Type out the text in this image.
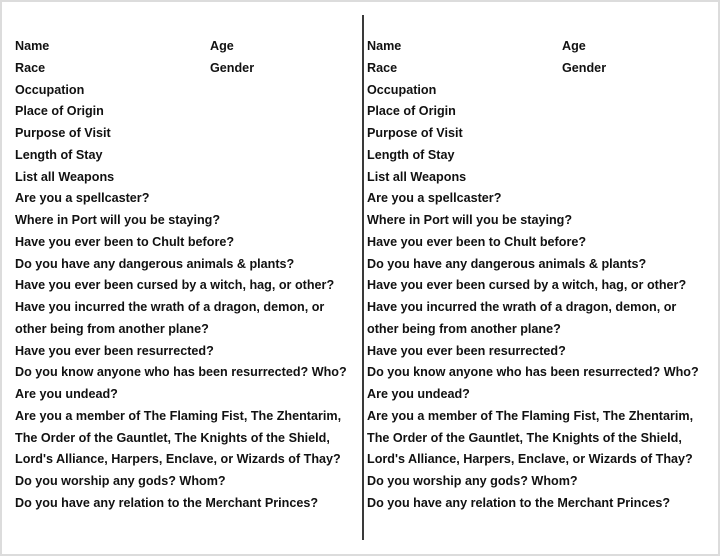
Name	Age
Race	Gender
Occupation
Place of Origin
Purpose of Visit
Length of Stay
List all Weapons
Are you a spellcaster?
Where in Port will you be staying?
Have you ever been to Chult before?
Do you have any dangerous animals & plants?
Have you ever been cursed by a witch, hag, or other?
Have you incurred the wrath of a dragon, demon, or
other being from another plane?
Have you ever been resurrected?
Do you know anyone who has been resurrected? Who?
Are you undead?
Are you a member of The Flaming Fist, The Zhentarim,
The Order of the Gauntlet, The Knights of the Shield,
Lord's Alliance, Harpers, Enclave, or Wizards of Thay?
Do you worship any gods? Whom?
Do you have any relation to the Merchant Princes?
Name	Age
Race	Gender
Occupation
Place of Origin
Purpose of Visit
Length of Stay
List all Weapons
Are you a spellcaster?
Where in Port will you be staying?
Have you ever been to Chult before?
Do you have any dangerous animals & plants?
Have you ever been cursed by a witch, hag, or other?
Have you incurred the wrath of a dragon, demon, or
other being from another plane?
Have you ever been resurrected?
Do you know anyone who has been resurrected? Who?
Are you undead?
Are you a member of The Flaming Fist, The Zhentarim,
The Order of the Gauntlet, The Knights of the Shield,
Lord's Alliance, Harpers, Enclave, or Wizards of Thay?
Do you worship any gods? Whom?
Do you have any relation to the Merchant Princes?
